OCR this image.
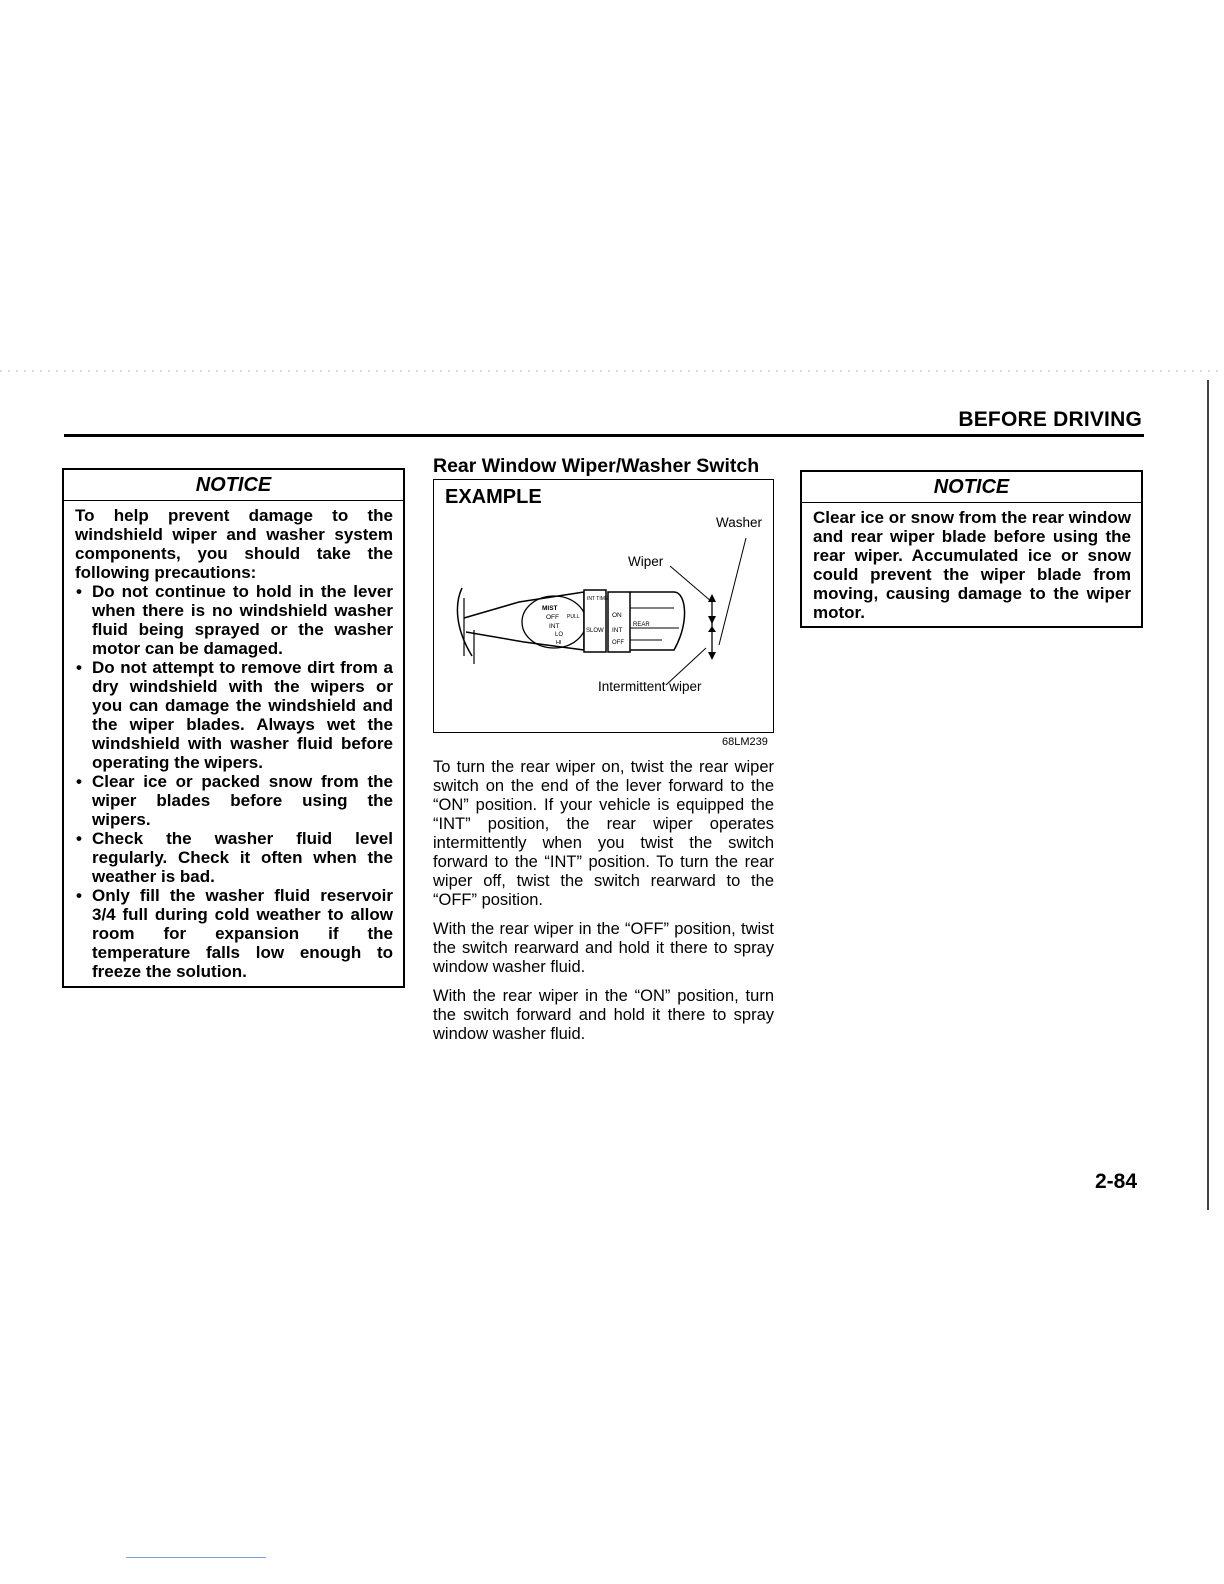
BEFORE DRIVING
NOTICE

To help prevent damage to the windshield wiper and washer system components, you should take the following precautions:

• Do not continue to hold in the lever when there is no windshield washer fluid being sprayed or the washer motor can be damaged.
• Do not attempt to remove dirt from a dry windshield with the wipers or you can damage the windshield and the wiper blades. Always wet the windshield with washer fluid before operating the wipers.
• Clear ice or packed snow from the wiper blades before using the wipers.
• Check the washer fluid level regularly. Check it often when the weather is bad.
• Only fill the washer fluid reservoir 3/4 full during cold weather to allow room for expansion if the temperature falls low enough to freeze the solution.
Rear Window Wiper/Washer Switch
EXAMPLE
MIST
OFF
INT
LO
HI
PULL
INT TIME
SLOW
ON
INT
REAR
OFF
Washer
Wiper
Intermittent wiper
68LM239

To turn the rear wiper on, twist the rear wiper switch on the end of the lever forward to the “ON” position. If your vehicle is equipped the “INT” position, the rear wiper operates intermittently when you twist the switch forward to the “INT” position. To turn the rear wiper off, twist the switch rearward to the “OFF” position.

With the rear wiper in the “OFF” position, twist the switch rearward and hold it there to spray window washer fluid.

With the rear wiper in the “ON” position, turn the switch forward and hold it there to spray window washer fluid.

NOTICE

Clear ice or snow from the rear window and rear wiper blade before using the rear wiper. Accumulated ice or snow could prevent the wiper blade from moving, causing damage to the wiper motor.

2-84
